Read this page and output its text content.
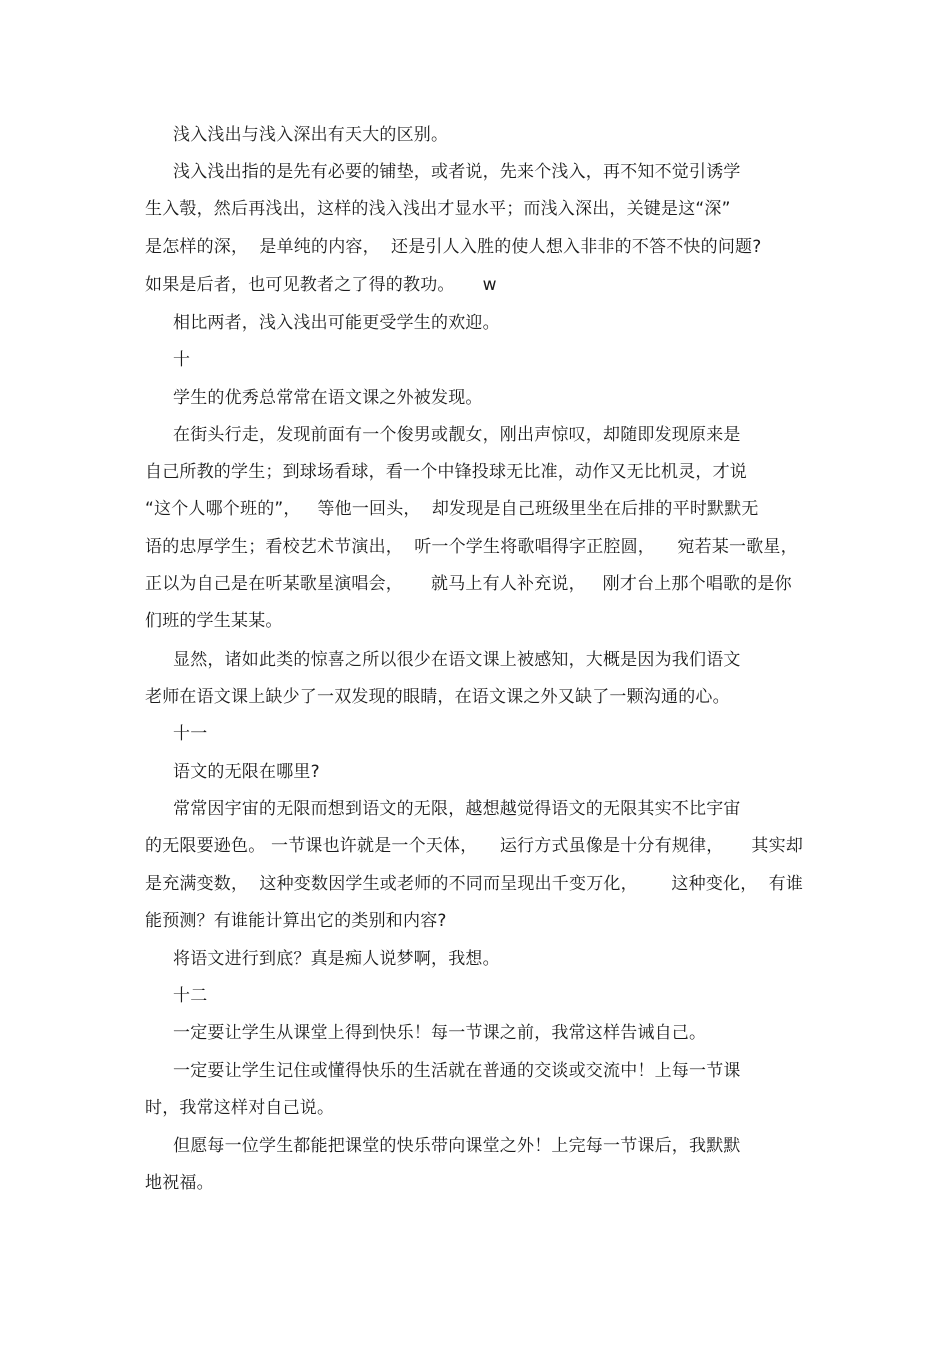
浅入浅出与浅入深出有天大的区别。
浅入浅出指的是先有必要的铺垫，或者说，先来个浅入，再不知不觉引诱学
生入彀，然后再浅出，这样的浅入浅出才显水平；而浅入深出，关键是这“深”
是怎样的深，  是单纯的内容，  还是引人入胜的使人想入非非的不答不快的问题?
如果是后者，也可见教者之了得的教功。     w
相比两者，浅入浅出可能更受学生的欢迎。
十
学生的优秀总常常在语文课之外被发现。
在街头行走，发现前面有一个俊男或靓女，刚出声惊叹，却随即发现原来是
自己所教的学生；到球场看球，看一个中锋投球无比准，动作又无比机灵，才说
“这个人哪个班的”，   等他一回头，  却发现是自己班级里坐在后排的平时默默无
语的忠厚学生；看校艺术节演出，  听一个学生将歌唱得字正腔圆，    宛若某一歌星，
正以为自己是在听某歌星演唱会，     就马上有人补充说，   刚才台上那个唱歌的是你
们班的学生某某。
显然，诸如此类的惊喜之所以很少在语文课上被感知，大概是因为我们语文
老师在语文课上缺少了一双发现的眼睛，在语文课之外又缺了一颗沟通的心。
十一
语文的无限在哪里?
常常因宇宙的无限而想到语文的无限，越想越觉得语文的无限其实不比宇宙
的无限要逊色。 一节课也许就是一个天体，    运行方式虽像是十分有规律，     其实却
是充满变数，  这种变数因学生或老师的不同而呈现出千变万化，      这种变化，  有谁
能预测？有谁能计算出它的类别和内容?
将语文进行到底？真是痴人说梦啊，我想。
十二
一定要让学生从课堂上得到快乐！每一节课之前，我常这样告诫自己。
一定要让学生记住或懂得快乐的生活就在普通的交谈或交流中！上每一节课
时，我常这样对自己说。
但愿每一位学生都能把课堂的快乐带向课堂之外！上完每一节课后，我默默
地祝福。
